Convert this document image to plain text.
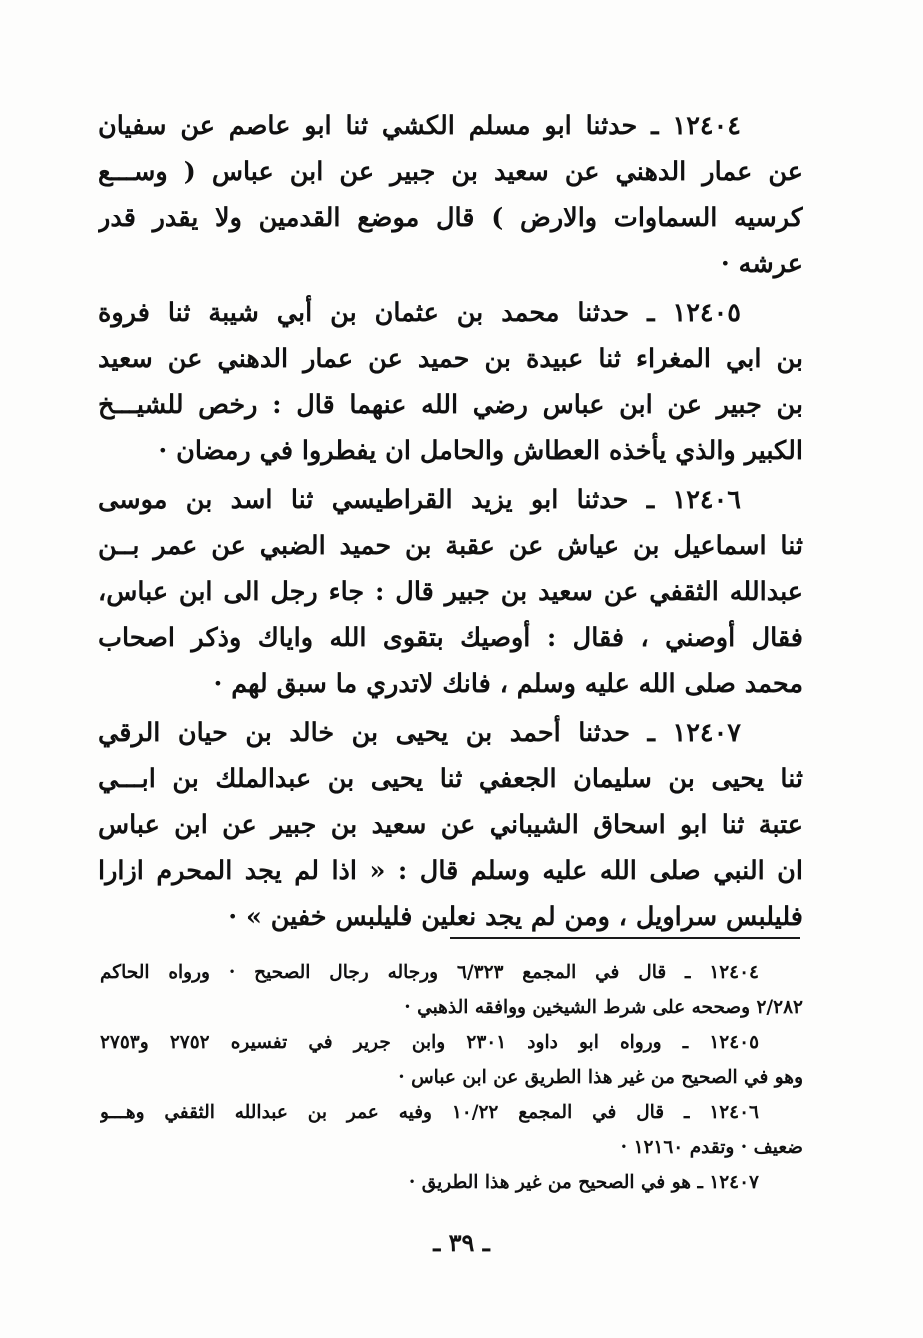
١٢٤٠٤ ـ حدثنا ابو مسلم الكشي ثنا ابو عاصم عن سفيان
عن عمار الدهني عن سعيد بن جبير عن ابن عباس ( وســـع
كرسيه السماوات والارض ) قال موضع القدمين ولا يقدر قدر
عرشه ·
١٢٤٠٥ ـ حدثنا محمد بن عثمان بن أبي شيبة ثنا فروة
بن ابي المغراء ثنا عبيدة بن حميد عن عمار الدهني عن سعيد
بن جبير عن ابن عباس رضي الله عنهما قال : رخص للشيـــخ
الكبير والذي يأخذه العطاش والحامل ان يفطروا في رمضان ·
١٢٤٠٦ ـ حدثنا ابو يزيد القراطيسي ثنا اسد بن موسى
ثنا اسماعيل بن عياش عن عقبة بن حميد الضبي عن عمر بــن
عبدالله الثقفي عن سعيد بن جبير قال : جاء رجل الى ابن عباس،
فقال أوصني ، فقال : أوصيك بتقوى الله واياك وذكر اصحاب
محمد صلى الله عليه وسلم ، فانك لاتدري ما سبق لهم ·
١٢٤٠٧ ـ حدثنا أحمد بن يحيى بن خالد بن حيان الرقي
ثنا يحيى بن سليمان الجعفي ثنا يحيى بن عبدالملك بن ابـــي
عتبة ثنا ابو اسحاق الشيباني عن سعيد بن جبير عن ابن عباس
ان النبي صلى الله عليه وسلم قال : « اذا لم يجد المحرم ازارا
فليلبس سراويل ، ومن لم يجد نعلين فليلبس خفين » ·
١٢٤٠٤ ـ قال في المجمع ٦/٣٢٣ ورجاله رجال الصحيح · ورواه الحاكم
٢/٢٨٢ وصححه على شرط الشيخين ووافقه الذهبي ·
١٢٤٠٥ ـ ورواه ابو داود ٢٣٠١ وابن جرير في تفسيره ٢٧٥٢ و٢٧٥٣
وهو في الصحيح من غير هذا الطريق عن ابن عباس ·
١٢٤٠٦ ـ قال في المجمع ١٠/٢٢ وفيه عمر بن عبدالله الثقفي وهـــو
ضعيف · وتقدم ١٢١٦٠ ·
١٢٤٠٧ ـ هو في الصحيح من غير هذا الطريق ·
ـ ٣٩ ـ
